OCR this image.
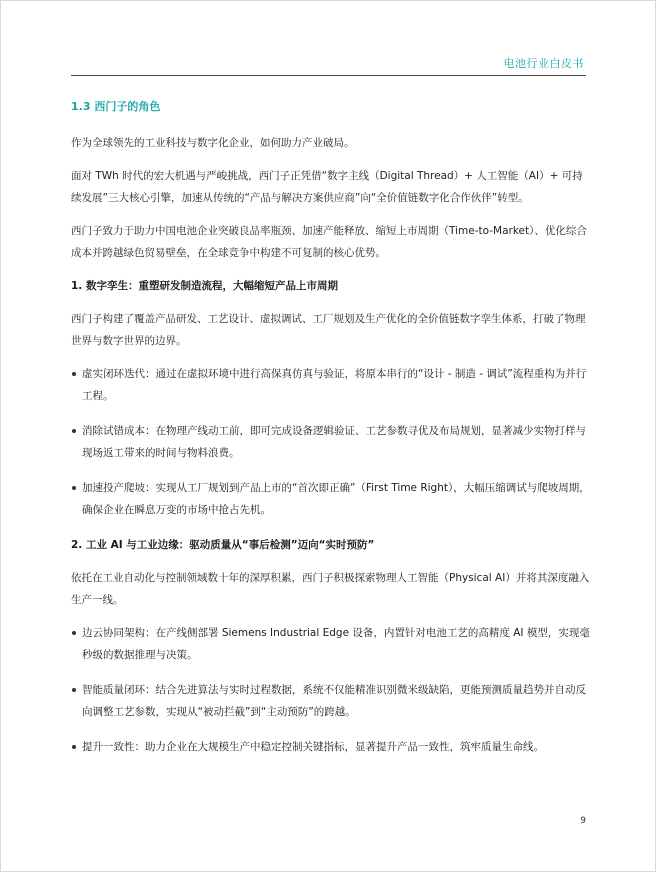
电池行业白皮书
1.3 西门子的角色

作为全球领先的工业科技与数字化企业，如何助力产业破局。

面对 TWh 时代的宏大机遇与严峻挑战，西门子正凭借“数字主线（Digital Thread）+ 人工智能（AI）+ 可持续发展”三大核心引擎，加速从传统的“产品与解决方案供应商”向“全价值链数字化合作伙伴”转型。

西门子致力于助力中国电池企业突破良品率瓶颈、加速产能释放、缩短上市周期（Time-to-Market）、优化综合成本并跨越绿色贸易壁垒，在全球竞争中构建不可复制的核心优势。

1. 数字孪生：重塑研发制造流程，大幅缩短产品上市周期

西门子构建了覆盖产品研发、工艺设计、虚拟调试、工厂规划及生产优化的全价值链数字孪生体系，打破了物理世界与数字世界的边界。

虚实闭环迭代：通过在虚拟环境中进行高保真仿真与验证，将原本串行的“设计 - 制造 - 调试”流程重构为并行工程。
消除试错成本：在物理产线动工前，即可完成设备逻辑验证、工艺参数寻优及布局规划，显著减少实物打样与现场返工带来的时间与物料浪费。
加速投产爬坡：实现从工厂规划到产品上市的“首次即正确”（First Time Right），大幅压缩调试与爬坡周期，确保企业在瞬息万变的市场中抢占先机。
2. 工业 AI 与工业边缘：驱动质量从“事后检测”迈向“实时预防”

依托在工业自动化与控制领域数十年的深厚积累，西门子积极探索物理人工智能（Physical AI）并将其深度融入生产一线。

边云协同架构：在产线侧部署 Siemens Industrial Edge 设备，内置针对电池工艺的高精度 AI 模型，实现毫秒级的数据推理与决策。
智能质量闭环：结合先进算法与实时过程数据，系统不仅能精准识别微米级缺陷，更能预测质量趋势并自动反向调整工艺参数，实现从“被动拦截”到“主动预防”的跨越。
提升一致性：助力企业在大规模生产中稳定控制关键指标，显著提升产品一致性，筑牢质量生命线。
9
